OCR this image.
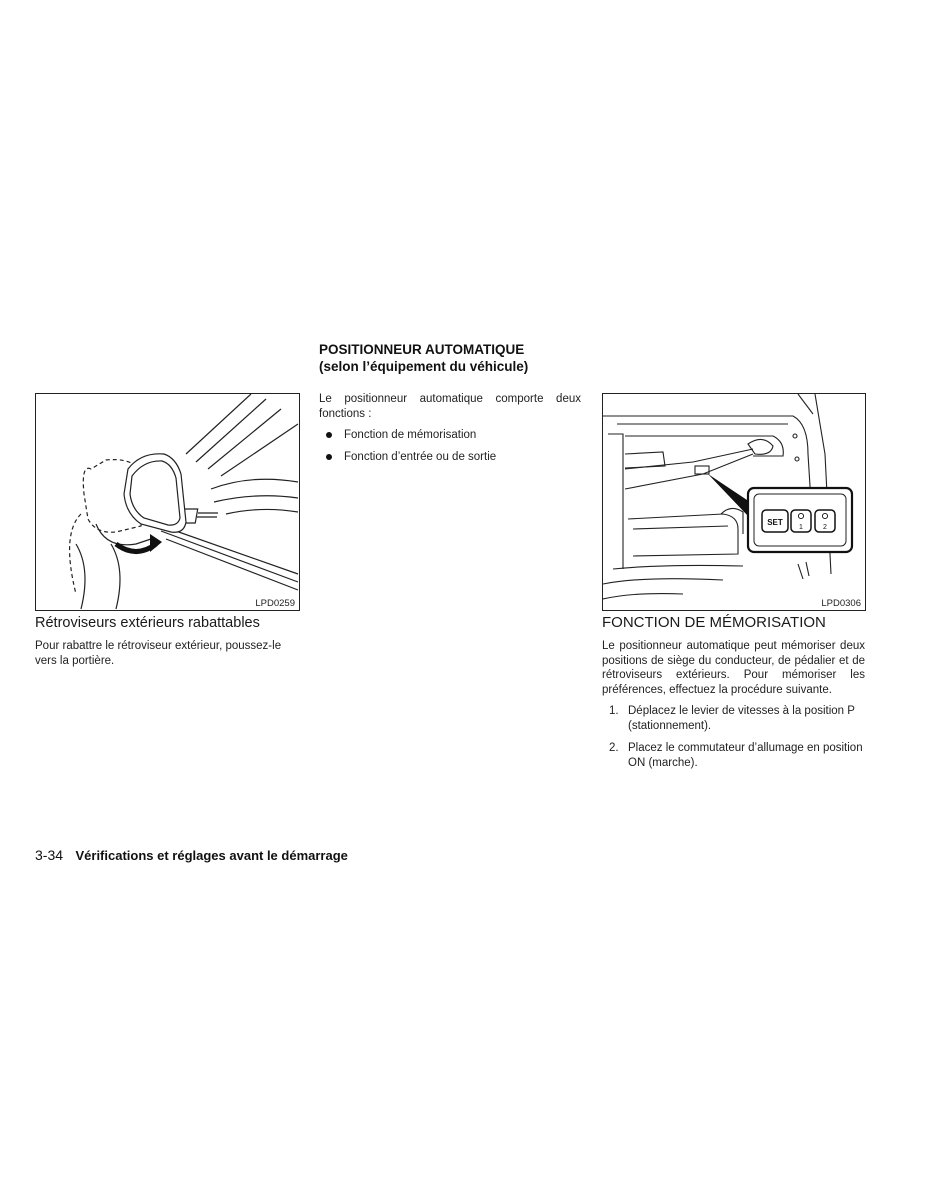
LPD0259
Rétroviseurs extérieurs rabattables
Pour rabattre le rétroviseur extérieur, poussez-le vers la portière.
POSITIONNEUR AUTOMATIQUE
(selon l’équipement du véhicule)
Le positionneur automatique comporte deux fonctions :
Fonction de mémorisation
Fonction d’entrée ou de sortie
SET
1	2
LPD0306
FONCTION DE MÉMORISATION
Le positionneur automatique peut mémoriser deux positions de siège du conducteur, de pédalier et de rétroviseurs extérieurs. Pour mémoriser les préférences, effectuez la procédure suivante.
1. Déplacez le levier de vitesses à la position P (stationnement).
2. Placez le commutateur d’allumage en position ON (marche).
3-34 Vérifications et réglages avant le démarrage
